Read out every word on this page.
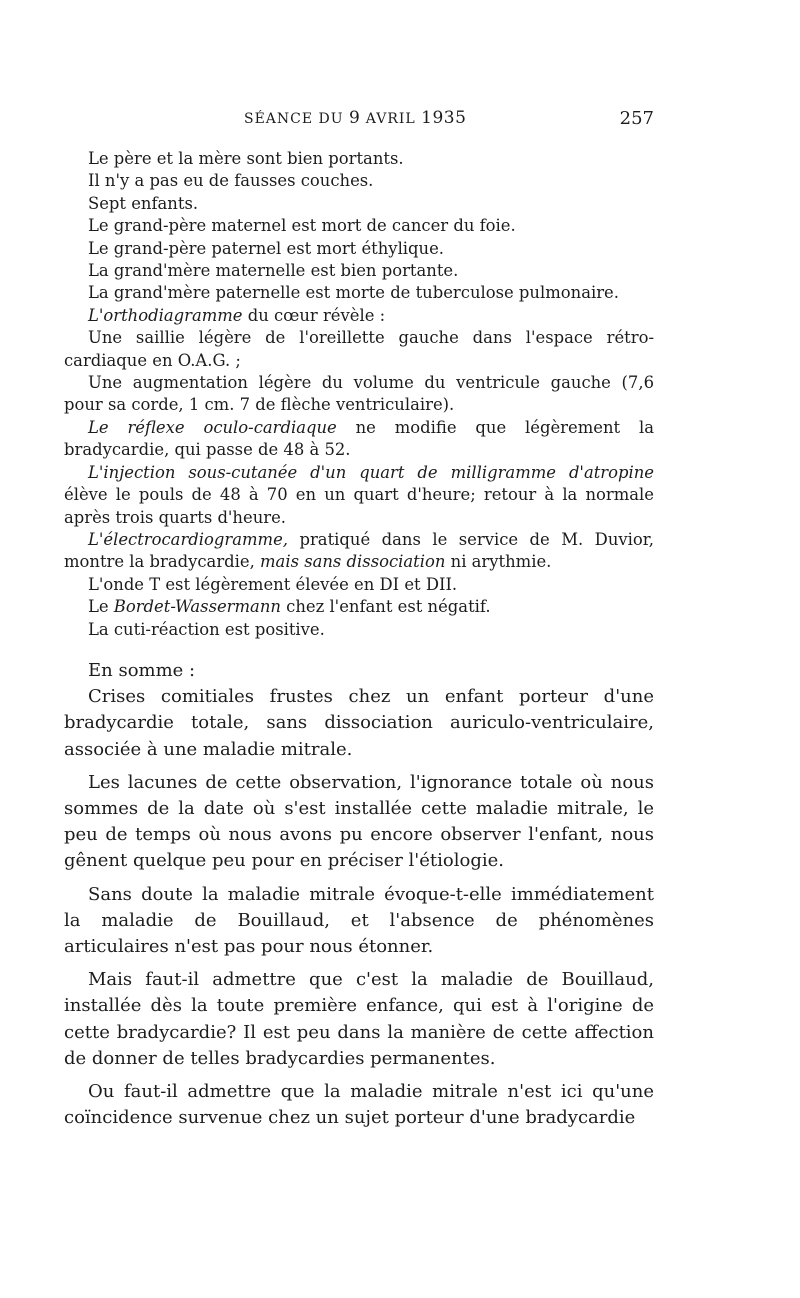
SÉANCE DU 9 AVRIL 1935	257

Le père et la mère sont bien portants.

Il n'y a pas eu de fausses couches.

Sept enfants.

Le grand-père maternel est mort de cancer du foie.

Le grand-père paternel est mort éthylique.

La grand'mère maternelle est bien portante.

La grand'mère paternelle est morte de tuberculose pulmonaire.

L'orthodiagramme du cœur révèle :

Une saillie légère de l'oreillette gauche dans l'espace rétro-cardiaque en O.A.G. ;

Une augmentation légère du volume du ventricule gauche (7,6 pour sa corde, 1 cm. 7 de flèche ventriculaire).

Le réflexe oculo-cardiaque ne modifie que légèrement la bradycardie, qui passe de 48 à 52.

L'injection sous-cutanée d'un quart de milligramme d'atropine élève le pouls de 48 à 70 en un quart d'heure; retour à la normale après trois quarts d'heure.

L'électrocardiogramme, pratiqué dans le service de M. Duvior, montre la bradycardie, mais sans dissociation ni arythmie.

L'onde T est légèrement élevée en DI et DII.

Le Bordet-Wassermann chez l'enfant est négatif.

La cuti-réaction est positive.

En somme :

Crises comitiales frustes chez un enfant porteur d'une bradycardie totale, sans dissociation auriculo-ventriculaire, associée à une maladie mitrale.

Les lacunes de cette observation, l'ignorance totale où nous sommes de la date où s'est installée cette maladie mitrale, le peu de temps où nous avons pu encore observer l'enfant, nous gênent quelque peu pour en préciser l'étiologie.

Sans doute la maladie mitrale évoque-t-elle immédiatement la maladie de Bouillaud, et l'absence de phénomènes articulaires n'est pas pour nous étonner.

Mais faut-il admettre que c'est la maladie de Bouillaud, installée dès la toute première enfance, qui est à l'origine de cette bradycardie? Il est peu dans la manière de cette affection de donner de telles bradycardies permanentes.

Ou faut-il admettre que la maladie mitrale n'est ici qu'une coïncidence survenue chez un sujet porteur d'une bradycardie
